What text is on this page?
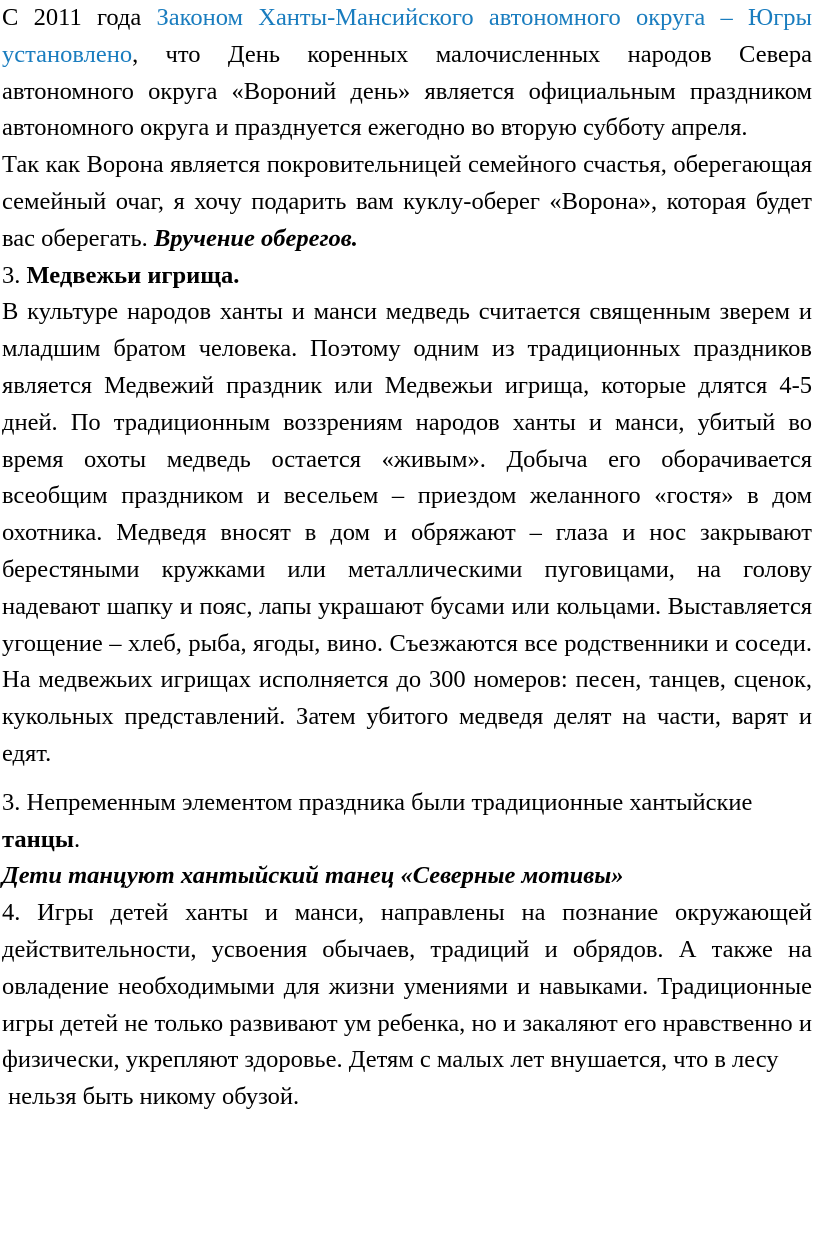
С 2011 года Законом Ханты-Мансийского автономного округа – Югры установлено, что День коренных малочисленных народов Севера автономного округа «Вороний день» является официальным праздником автономного округа и празднуется ежегодно во вторую субботу апреля.

Так как Ворона является покровительницей семейного счастья, оберегающая семейный очаг, я хочу подарить вам куклу-оберег «Ворона», которая будет вас оберегать. Вручение оберегов.

3. Медвежьи игрища.

В культуре народов ханты и манси медведь считается священным зверем и младшим братом человека. Поэтому одним из традиционных праздников является Медвежий праздник или Медвежьи игрища, которые длятся 4-5 дней. По традиционным воззрениям народов ханты и манси, убитый во время охоты медведь остается «живым». Добыча его оборачивается всеобщим праздником и весельем – приездом желанного «гостя» в дом охотника. Медведя вносят в дом и обряжают – глаза и нос закрывают берестяными кружками или металлическими пуговицами, на голову надевают шапку и пояс, лапы украшают бусами или кольцами. Выставляется угощение – хлеб, рыба, ягоды, вино. Съезжаются все родственники и соседи. На медвежьих игрищах исполняется до 300 номеров: песен, танцев, сценок, кукольных представлений. Затем убитого медведя делят на части, варят и едят.

3. Непременным элементом праздника были традиционные хантыйские танцы.

Дети танцуют хантыйский танец «Северные мотивы»

4. Игры детей ханты и манси, направлены на познание окружающей действительности, усвоения обычаев, традиций и обрядов. А также на овладение необходимыми для жизни умениями и навыками. Традиционные игры детей не только развивают ум ребенка, но и закаляют его нравственно и физически, укрепляют здоровье. Детям с малых лет внушается, что в лесу

нельзя быть никому обузой.
